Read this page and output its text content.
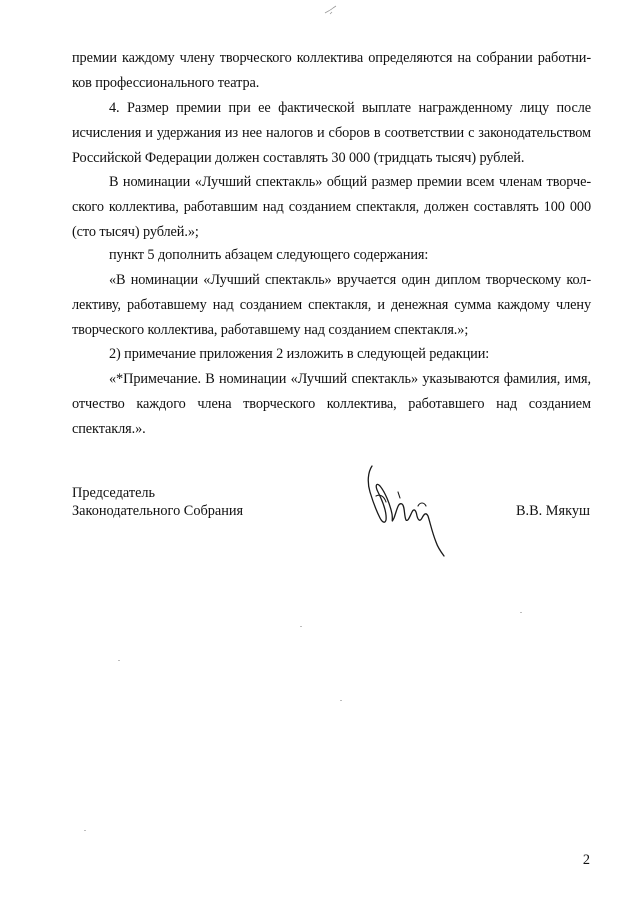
премии каждому члену творческого коллектива определяются на собрании работни-ков профессионального театра.
4. Размер премии при ее фактической выплате награжденному лицу после исчисления и удержания из нее налогов и сборов в соответствии с законодательством Российской Федерации должен составлять 30 000 (тридцать тысяч) рублей.
В номинации «Лучший спектакль» общий размер премии всем членам творче-ского коллектива, работавшим над созданием спектакля, должен составлять 100 000 (сто тысяч) рублей.»;
пункт 5 дополнить абзацем следующего содержания:
«В номинации «Лучший спектакль» вручается один диплом творческому кол-лективу, работавшему над созданием спектакля, и денежная сумма каждому члену творческого коллектива, работавшему над созданием спектакля.»;
2) примечание приложения 2 изложить в следующей редакции:
«*Примечание. В номинации «Лучший спектакль» указываются фамилия, имя, отчество каждого члена творческого коллектива, работавшего над созданием спектакля.».
Председатель
Законодательного Собрания	В.В. Мякуш
2
